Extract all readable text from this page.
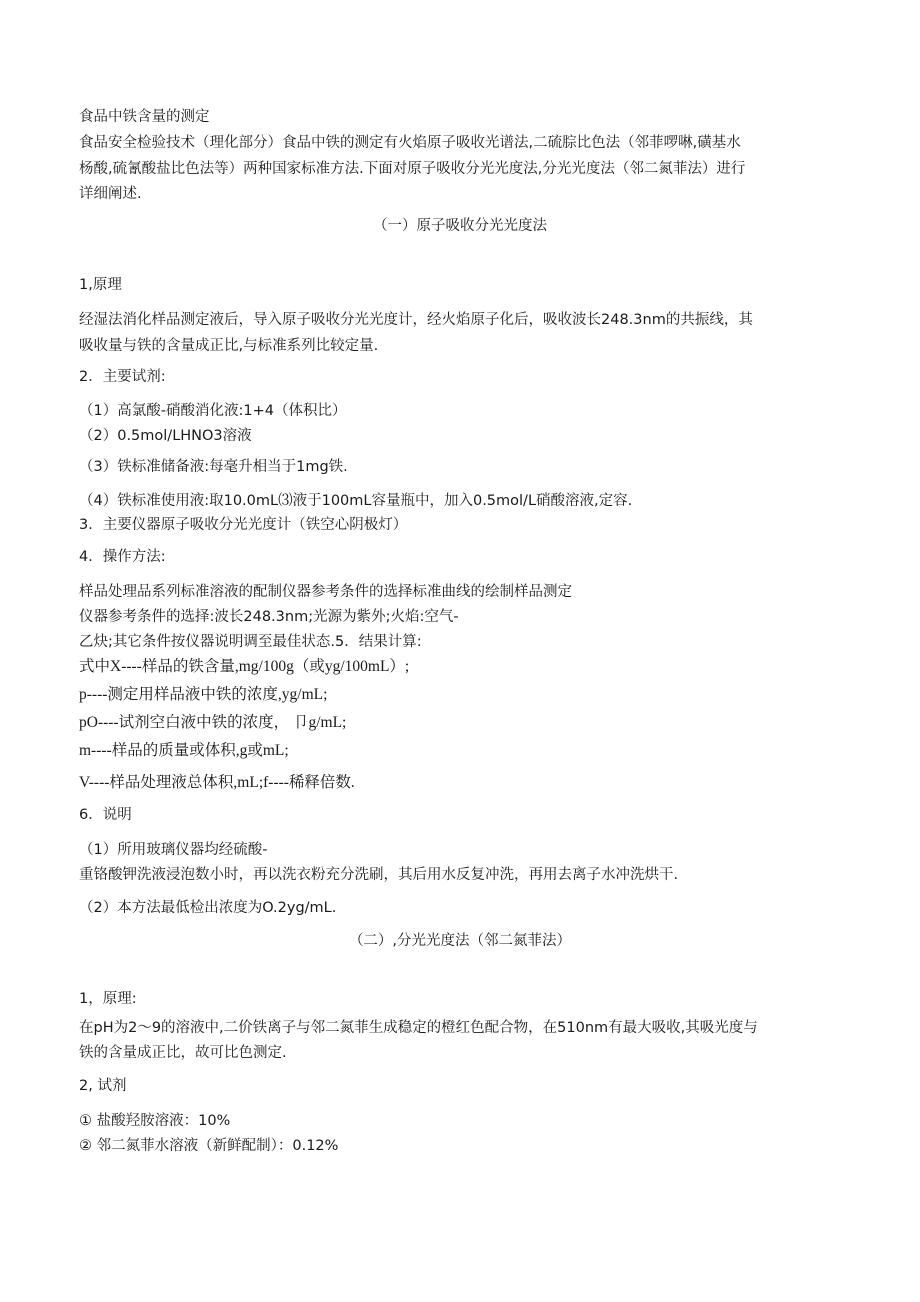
食品中铁含量的测定
食品安全检验技术（理化部分）食品中铁的测定有火焰原子吸收光谱法,二硫腙比色法（邻菲啰啉,磺基水
杨酸,硫氰酸盐比色法等）两种国家标准方法.下面对原子吸收分光光度法,分光光度法（邻二氮菲法）进行
详细阐述.
（一）原子吸收分光光度法
1,原理
经湿法消化样品测定液后，导入原子吸收分光光度计，经火焰原子化后，吸收波长248.3nm的共振线，其
吸收量与铁的含量成正比,与标准系列比较定量.
2．主要试剂:
（1）高氯酸-硝酸消化液:1+4（体积比）
（2）0.5mol/LHNO3溶液
（3）铁标准储备液:每毫升相当于1mg铁.
（4）铁标准使用液:取10.0mL⑶液于100mL容量瓶中，加入0.5mol/L硝酸溶液,定容.
3．主要仪器原子吸收分光光度计（铁空心阴极灯）
4．操作方法:
样品处理品系列标准溶液的配制仪器参考条件的选择标准曲线的绘制样品测定
仪器参考条件的选择:波长248.3nm;光源为紫外;火焰:空气-
乙炔;其它条件按仪器说明调至最佳状态.5．结果计算:
式中X----样品的铁含量,mg/100g（或yg/100mL）;
p----测定用样品液中铁的浓度,yg/mL;
pO----试剂空白液中铁的浓度， 卩g/mL;
m----样品的质量或体积,g或mL;
V----样品处理液总体积,mL;f----稀释倍数.
6．说明
（1）所用玻璃仪器均经硫酸-
重铬酸钾洗液浸泡数小时，再以洗衣粉充分洗刷，其后用水反复冲洗，再用去离子水冲洗烘干.
（2）本方法最低检出浓度为O.2yg/mL.
（二）,分光光度法（邻二氮菲法）
1，原理:
在pH为2～9的溶液中,二价铁离子与邻二氮菲生成稳定的橙红色配合物，在510nm有最大吸收,其吸光度与
铁的含量成正比，故可比色测定.
2, 试剂
① 盐酸羟胺溶液：10%
② 邻二氮菲水溶液（新鲜配制）：0.12%
